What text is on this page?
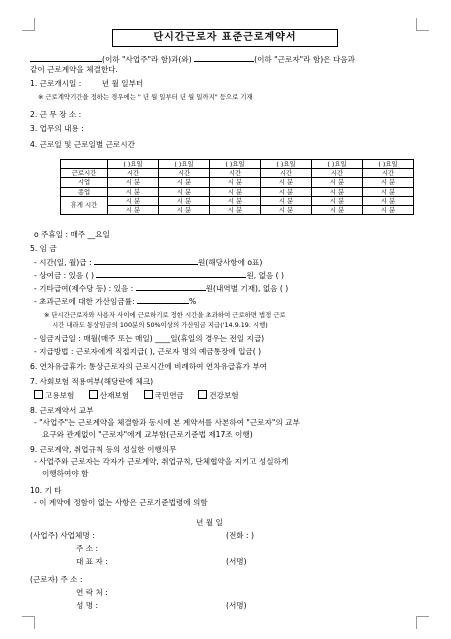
단시간근로자 표준근로계약서
(이하 "사업주"라 함)과(와)	(이하 "근로자"라 함)은 다음과
같이 근로계약을 체결한다.
1. 근로개시일 :	년 월 일부터
※ 근로계약기간을 정하는 경우에는 " 년 월 일부터 년 월 일까지" 등으로 기재
2. 근 무 장 소 :
3. 업무의 내용 :
4. 근로일 및 근로일별 근로시간
	( )요일	( )요일	( )요일	( )요일	( )요일	( )요일
근로시간	시간	시간	시간	시간	시간	시간
시업	시 분	시 분	시 분	시 분	시 분	시 분
종업	시 분	시 분	시 분	시 분	시 분	시 분
휴게 시간	시 분	시 분	시 분	시 분	시 분	시 분
	시 분	시 분	시 분	시 분	시 분	시 분
o 주휴일 : 매주 __요일
5. 임 금
- 시간(일, 월)급 :	원(해당사항에 o표)
- 상여금 : 있음 ( )	원, 없음 ( )
- 기타급여(제수당 등) : 있음 :	원(내역별 기재), 없음 ( )
- 초과근로에 대한 가산임금률:	%
※ 단시간근로자와 사용자 사이에 근로하기로 정한 시간을 초과하여 근로하면 법정 근로
시간 내라도 통상임금의 100분의 50%이상의 가산임금 지급('14.9.19. 시행)
- 임금지급일 : 매월(매주 또는 매일) ____일(휴일의 경우는 전일 지급)
- 지급방법 : 근로자에게 직접지급( ), 근로자 명의 예금통장에 입금( )
6. 연차유급휴가: 통상근로자의 근로시간에 비례하여 연차유급휴가 부여
7. 사회보험 적용여부(해당란에 체크)
고용보험	산재보험	국민연금	건강보험
8. 근로계약서 교부
- "사업주"는 근로계약을 체결함과 동시에 본 계약서를 사본하여 "근로자"의 교부
요구와 관계없이 "근로자"에게 교부함(근로기준법 제17조 이행)
9. 근로계약, 취업규칙 등의 성실한 이행의무
- 사업주와 근로자는 각자가 근로계약, 취업규칙, 단체협약을 지키고 성실하게
이행하여야 함
10. 기 타
- 이 계약에 정함이 없는 사항은 근로기준법령에 의함
년 월 일
(사업주) 사업체명 :	(전화 : )
주 소 :
대 표 자 :	(서명)
(근로자) 주 소 :
연 락 처 :
성 명 :	(서명)
